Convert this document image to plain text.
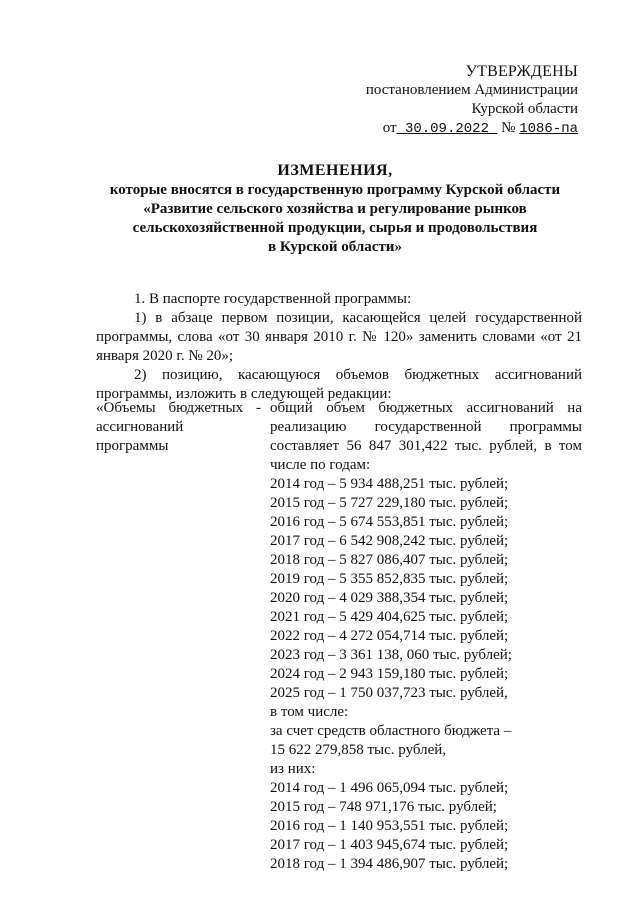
УТВЕРЖДЕНЫ
постановлением Администрации
Курской области
от 30.09.2022 № 1086-па
ИЗМЕНЕНИЯ,
которые вносятся в государственную программу Курской области
«Развитие сельского хозяйства и регулирование рынков
сельскохозяйственной продукции, сырья и продовольствия
в Курской области»

1. В паспорте государственной программы:

1) в абзаце первом позиции, касающейся целей государственной программы, слова «от 30 января 2010 г. № 120» заменить словами «от 21 января 2020 г. № 20»;

2) позицию, касающуюся объемов бюджетных ассигнований программы, изложить в следующей редакции:

«Объемы бюджетных -
ассигнований
программы
общий объем бюджетных ассигнований на
реализацию государственной программы
составляет 56 847 301,422 тыс. рублей, в том
числе по годам:
2014 год – 5 934 488,251 тыс. рублей;
2015 год – 5 727 229,180 тыс. рублей;
2016 год – 5 674 553,851 тыс. рублей;
2017 год – 6 542 908,242 тыс. рублей;
2018 год – 5 827 086,407 тыс. рублей;
2019 год – 5 355 852,835 тыс. рублей;
2020 год – 4 029 388,354 тыс. рублей;
2021 год – 5 429 404,625 тыс. рублей;
2022 год – 4 272 054,714 тыс. рублей;
2023 год – 3 361 138, 060 тыс. рублей;
2024 год – 2 943 159,180 тыс. рублей;
2025 год – 1 750 037,723 тыс. рублей,
в том числе:
за счет средств областного бюджета –
15 622 279,858 тыс. рублей,
из них:
2014 год – 1 496 065,094 тыс. рублей;
2015 год – 748 971,176 тыс. рублей;
2016 год – 1 140 953,551 тыс. рублей;
2017 год – 1 403 945,674 тыс. рублей;
2018 год – 1 394 486,907 тыс. рублей;
